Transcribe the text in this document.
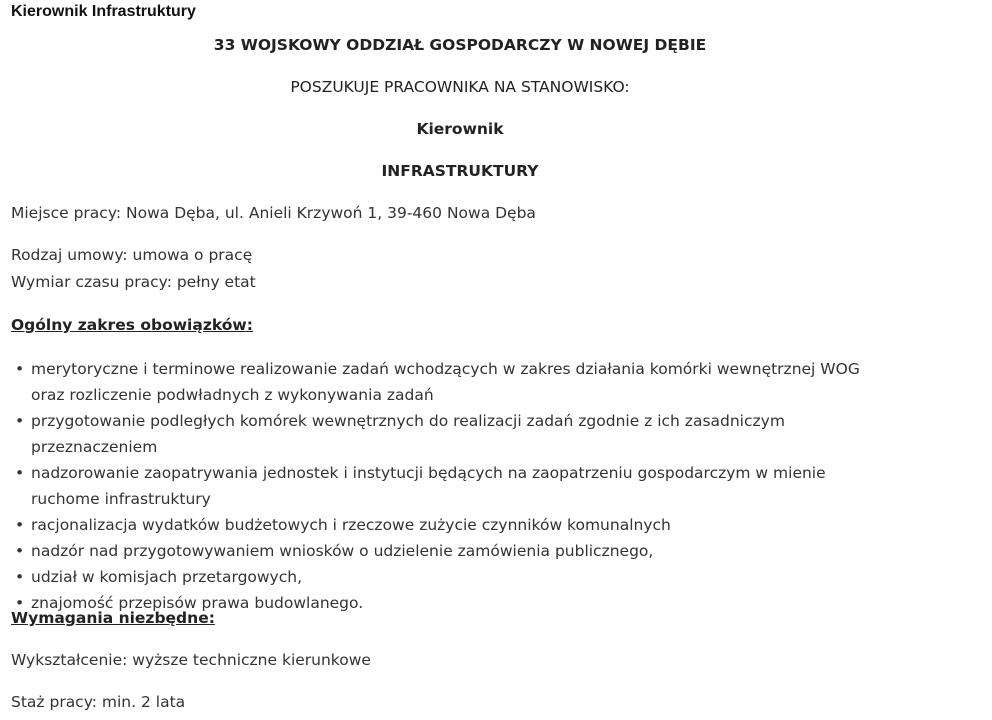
Kierownik Infrastruktury
33 WOJSKOWY ODDZIAŁ GOSPODARCZY W NOWEJ DĘBIE
POSZUKUJE PRACOWNIKA NA STANOWISKO:
Kierownik
INFRASTRUKTURY
Miejsce pracy: Nowa Dęba, ul. Anieli Krzywoń 1, 39-460 Nowa Dęba
Rodzaj umowy: umowa o pracę
Wymiar czasu pracy: pełny etat
Ogólny zakres obowiązków:
• merytoryczne i terminowe realizowanie zadań wchodzących w zakres działania komórki wewnętrznej WOG oraz rozliczenie podwładnych z wykonywania zadań
• przygotowanie podległych komórek wewnętrznych do realizacji zadań zgodnie z ich zasadniczym przeznaczeniem
• nadzorowanie zaopatrywania jednostek i instytucji będących na zaopatrzeniu gospodarczym w mienie ruchome infrastruktury
• racjonalizacja wydatków budżetowych i rzeczowe zużycie czynników komunalnych
• nadzór nad przygotowywaniem wniosków o udzielenie zamówienia publicznego,
• udział w komisjach przetargowych,
• znajomość przepisów prawa budowlanego.
Wymagania niezbędne:
Wykształcenie: wyższe techniczne kierunkowe
Staż pracy: min. 2 lata
